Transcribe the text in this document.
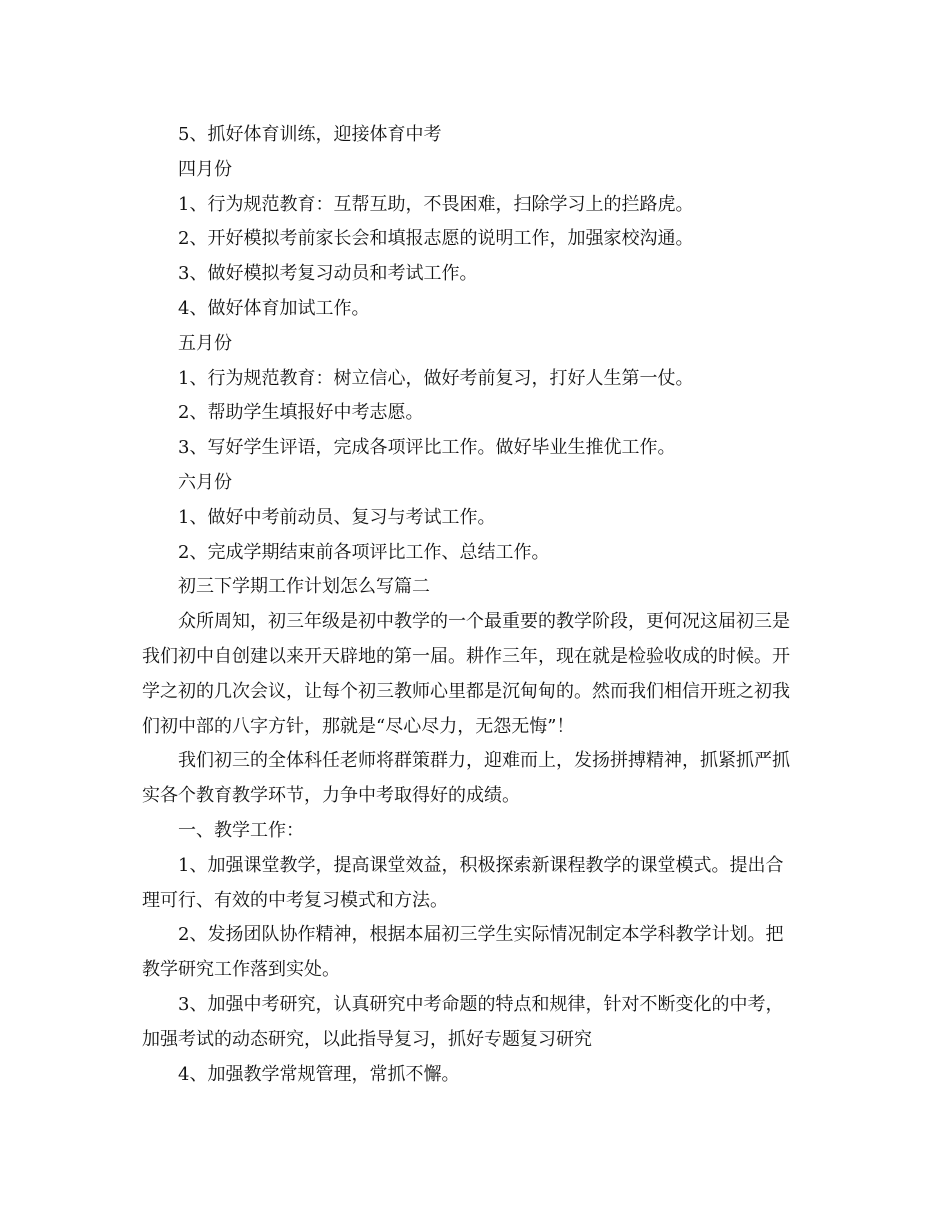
5、抓好体育训练，迎接体育中考

四月份

1、行为规范教育：互帮互助，不畏困难，扫除学习上的拦路虎。

2、开好模拟考前家长会和填报志愿的说明工作，加强家校沟通。

3、做好模拟考复习动员和考试工作。

4、做好体育加试工作。

五月份

1、行为规范教育：树立信心，做好考前复习，打好人生第一仗。

2、帮助学生填报好中考志愿。

3、写好学生评语，完成各项评比工作。做好毕业生推优工作。

六月份

1、做好中考前动员、复习与考试工作。

2、完成学期结束前各项评比工作、总结工作。

初三下学期工作计划怎么写篇二

众所周知，初三年级是初中教学的一个最重要的教学阶段，更何况这届初三是

我们初中自创建以来开天辟地的第一届。耕作三年，现在就是检验收成的时候。开

学之初的几次会议，让每个初三教师心里都是沉甸甸的。然而我们相信开班之初我

们初中部的八字方针，那就是“尽心尽力，无怨无悔”！

我们初三的全体科任老师将群策群力，迎难而上，发扬拼搏精神，抓紧抓严抓

实各个教育教学环节，力争中考取得好的成绩。

一、教学工作：

1、加强课堂教学，提高课堂效益，积极探索新课程教学的课堂模式。提出合

理可行、有效的中考复习模式和方法。

2、发扬团队协作精神，根据本届初三学生实际情况制定本学科教学计划。把

教学研究工作落到实处。

3、加强中考研究，认真研究中考命题的特点和规律，针对不断变化的中考，

加强考试的动态研究，以此指导复习，抓好专题复习研究

4、加强教学常规管理，常抓不懈。
